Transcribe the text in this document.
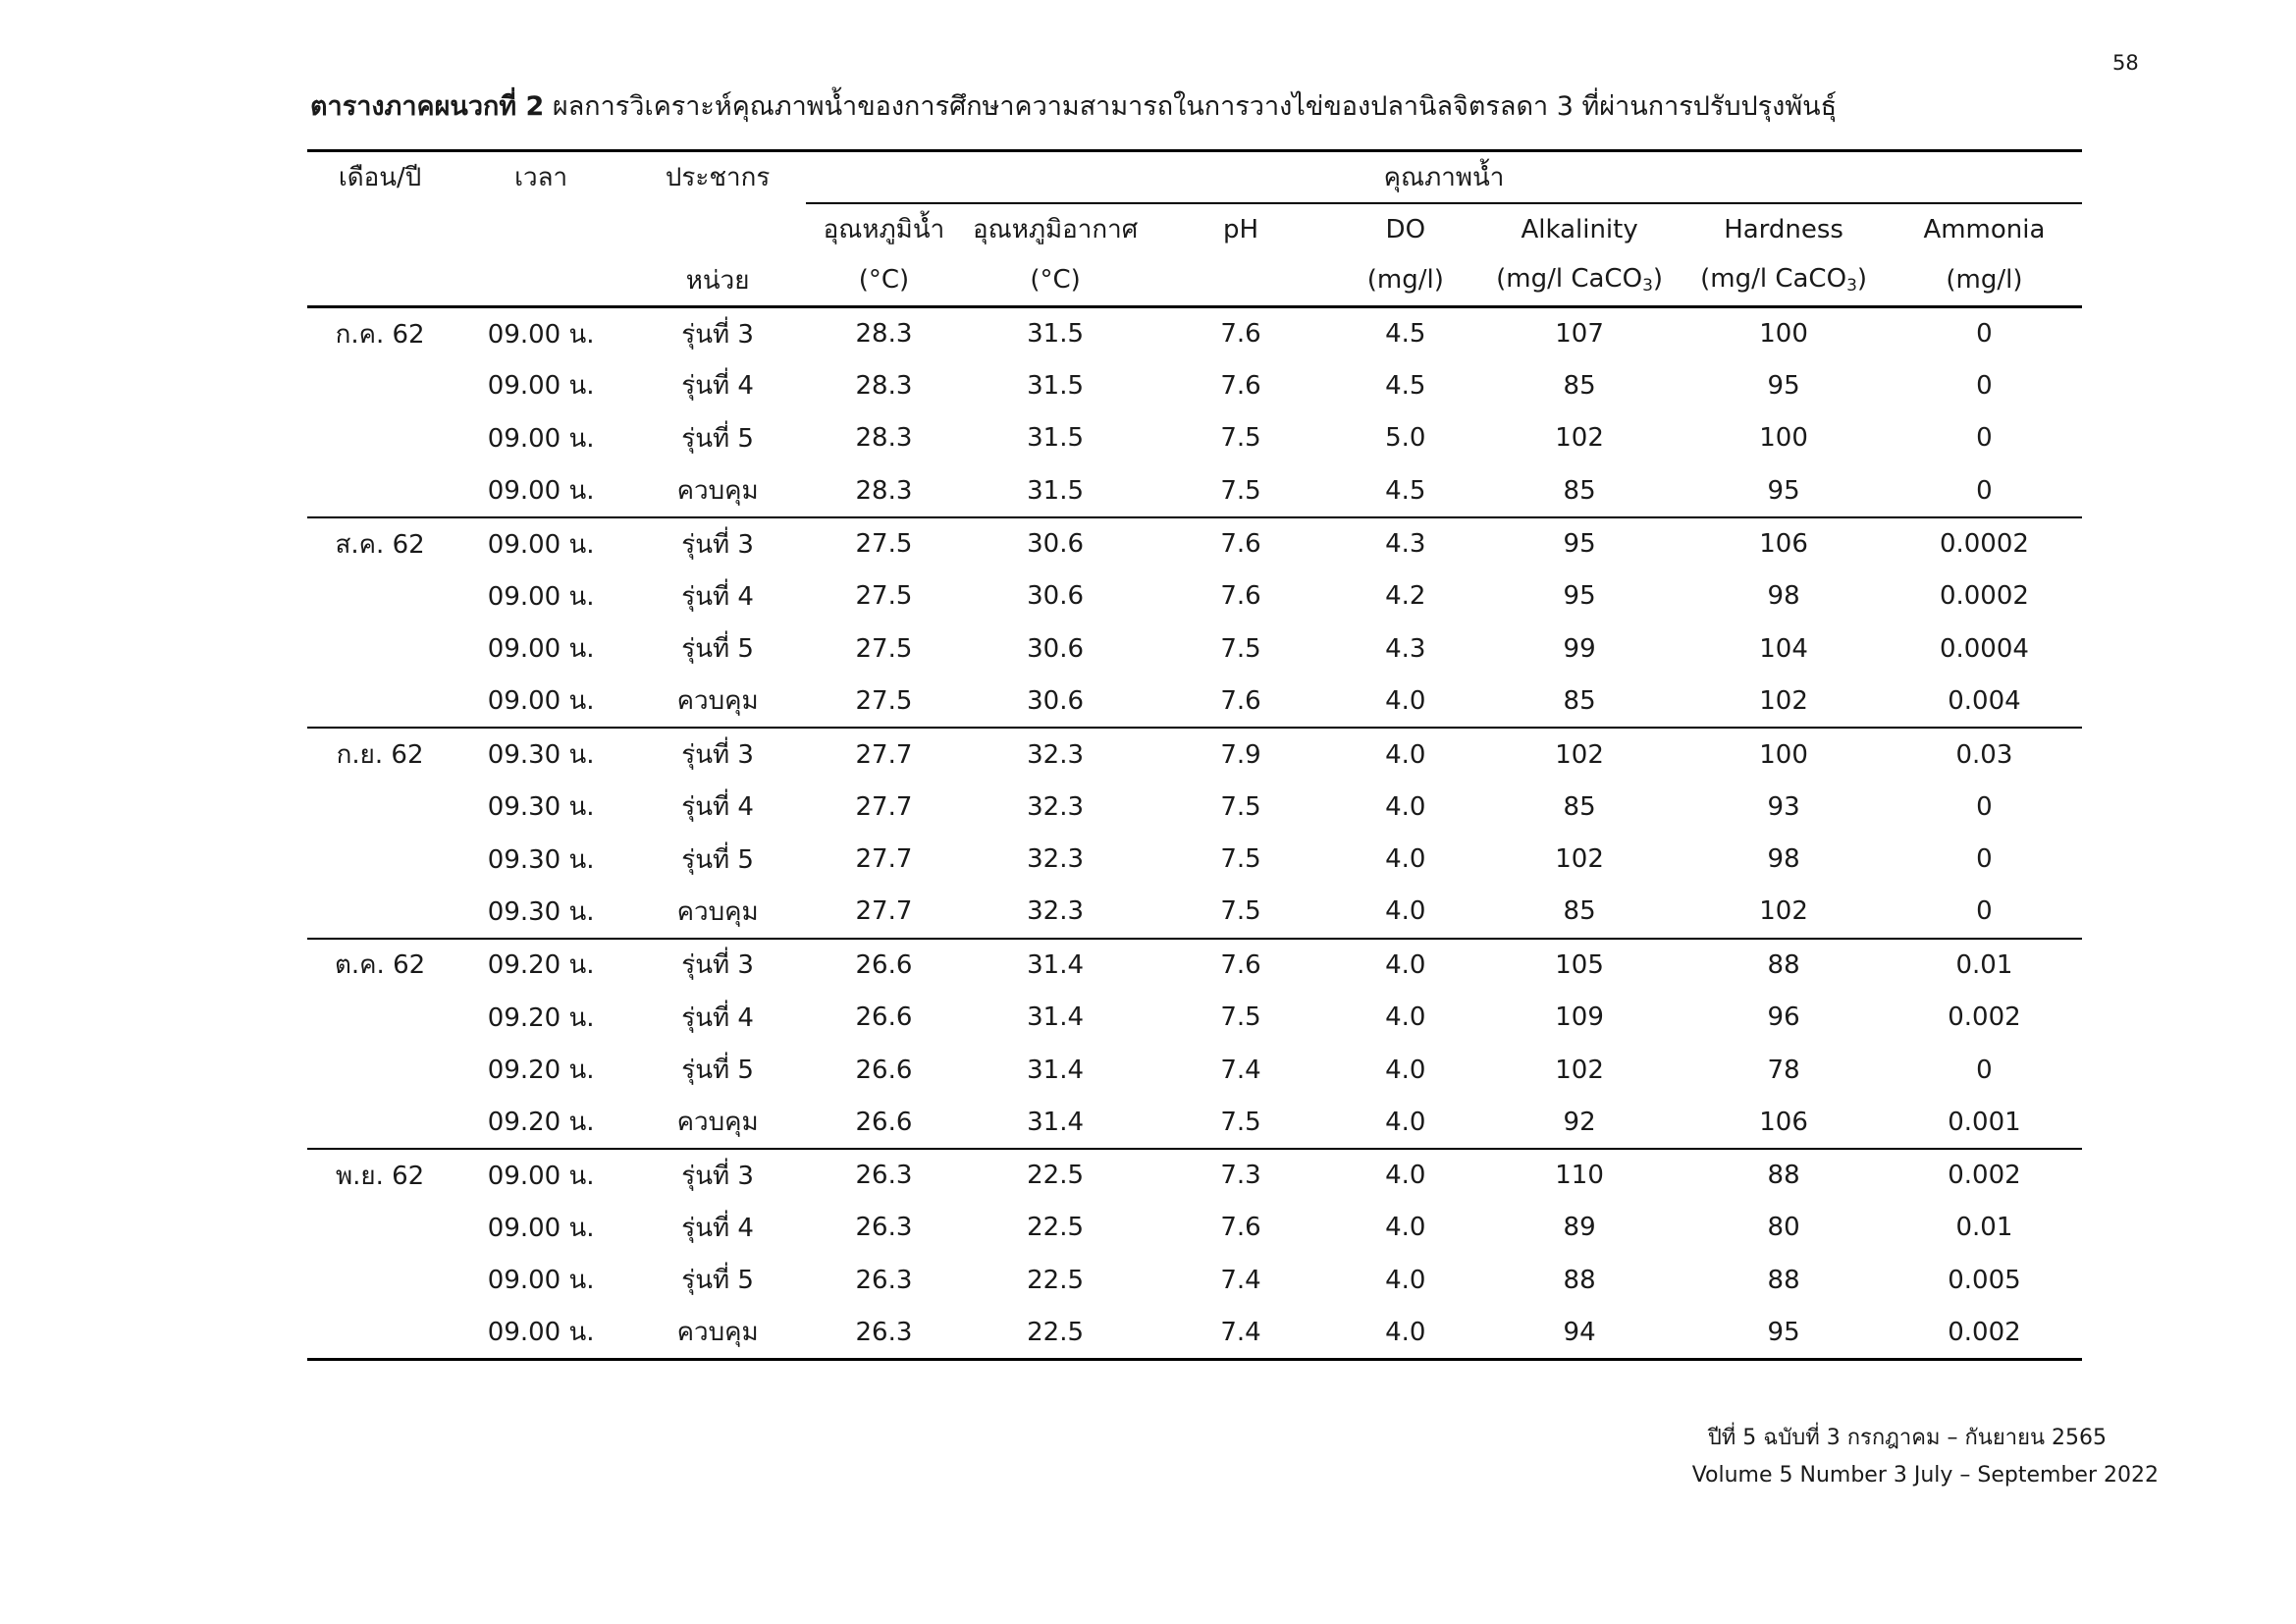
58
ตารางภาคผนวกที่ 2 ผลการวิเคราะห์คุณภาพน้ำของการศึกษาความสามารถในการวางไข่ของปลานิลจิตรลดา 3 ที่ผ่านการปรับปรุงพันธุ์
เดือน/ปี	เวลา	ประชากร	คุณภาพน้ำ						
			อุณหภูมิน้ำ	อุณหภูมิอากาศ	pH	DO	Alkalinity	Hardness	Ammonia
		หน่วย	(°C)	(°C)		(mg/l)	(mg/l CaCO$_3$)	(mg/l CaCO$_3$)	(mg/l)
ก.ค. 62	09.00 น.	รุ่นที่ 3	28.3	31.5	7.6	4.5	107	100	0
	09.00 น.	รุ่นที่ 4	28.3	31.5	7.6	4.5	85	95	0
	09.00 น.	รุ่นที่ 5	28.3	31.5	7.5	5.0	102	100	0
	09.00 น.	ควบคุม	28.3	31.5	7.5	4.5	85	95	0
ส.ค. 62	09.00 น.	รุ่นที่ 3	27.5	30.6	7.6	4.3	95	106	0.0002
	09.00 น.	รุ่นที่ 4	27.5	30.6	7.6	4.2	95	98	0.0002
	09.00 น.	รุ่นที่ 5	27.5	30.6	7.5	4.3	99	104	0.0004
	09.00 น.	ควบคุม	27.5	30.6	7.6	4.0	85	102	0.004
ก.ย. 62	09.30 น.	รุ่นที่ 3	27.7	32.3	7.9	4.0	102	100	0.03
	09.30 น.	รุ่นที่ 4	27.7	32.3	7.5	4.0	85	93	0
	09.30 น.	รุ่นที่ 5	27.7	32.3	7.5	4.0	102	98	0
	09.30 น.	ควบคุม	27.7	32.3	7.5	4.0	85	102	0
ต.ค. 62	09.20 น.	รุ่นที่ 3	26.6	31.4	7.6	4.0	105	88	0.01
	09.20 น.	รุ่นที่ 4	26.6	31.4	7.5	4.0	109	96	0.002
	09.20 น.	รุ่นที่ 5	26.6	31.4	7.4	4.0	102	78	0
	09.20 น.	ควบคุม	26.6	31.4	7.5	4.0	92	106	0.001
พ.ย. 62	09.00 น.	รุ่นที่ 3	26.3	22.5	7.3	4.0	110	88	0.002
	09.00 น.	รุ่นที่ 4	26.3	22.5	7.6	4.0	89	80	0.01
	09.00 น.	รุ่นที่ 5	26.3	22.5	7.4	4.0	88	88	0.005
	09.00 น.	ควบคุม	26.3	22.5	7.4	4.0	94	95	0.002
ปีที่ 5 ฉบับที่ 3 กรกฎาคม – กันยายน 2565
Volume 5 Number 3 July – September 2022
